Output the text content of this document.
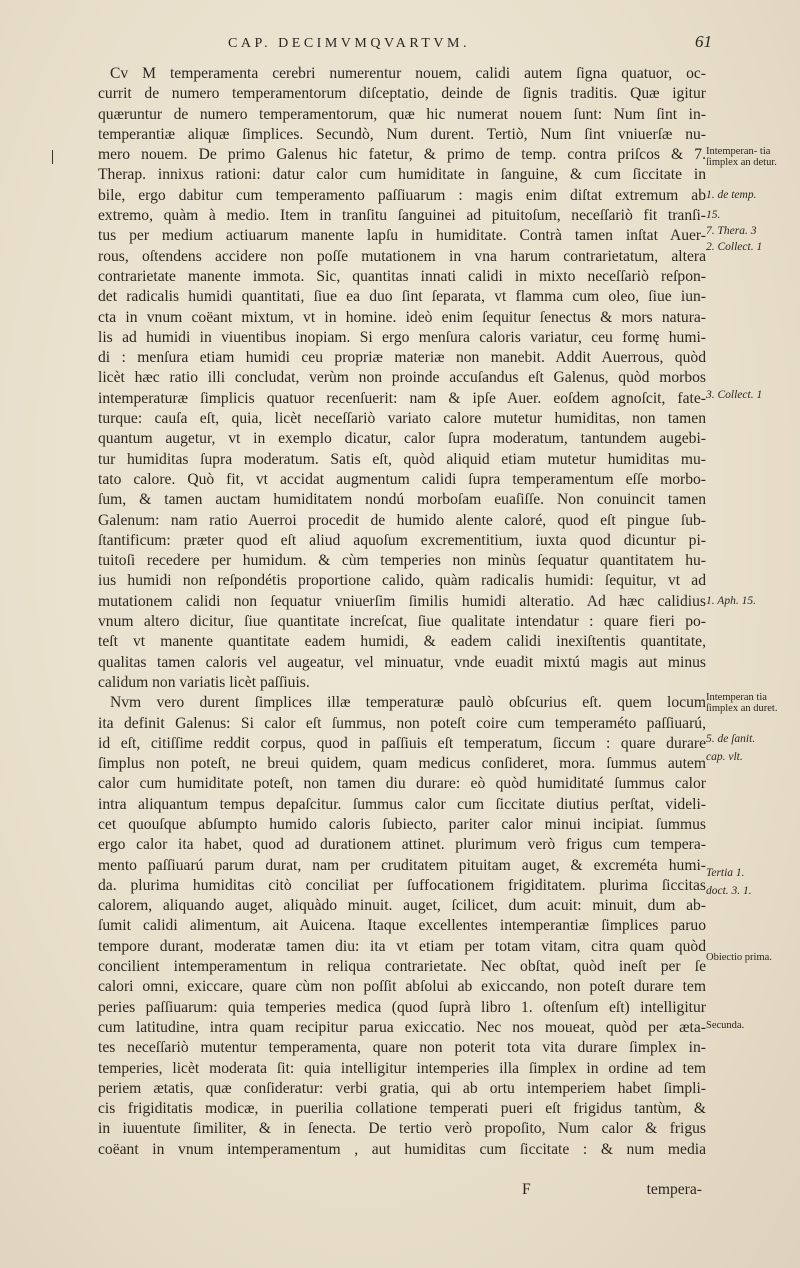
CAP. DECIMVMQVARTVM.	61
Cv M temperamenta cerebri numerentur nouem, calidi autem ſigna quatuor, oc-
currit de numero temperamentorum diſceptatio, deinde de ſignis traditis. Quæ igitur
quæruntur de numero temperamentorum, quæ hic numerat nouem ſunt: Num ſint in-
temperantiæ aliquæ ſimplices. Secundò, Num durent. Tertiò, Num ſint vniuerſæ nu-
mero nouem. De primo Galenus hic fatetur, & primo de temp. contra priſcos & 7.
Therap. innixus rationi: datur calor cum humiditate in ſanguine, & cum ſiccitate in
bile, ergo dabitur cum temperamento paſſiuarum : magis enim diſtat extremum ab
extremo, quàm à medio. Item in tranſitu ſanguinei ad pituitoſum, neceſſariò fit tranſi-
tus per medium actiuarum manente lapſu in humiditate. Contrà tamen inſtat Auer-
rous, oſtendens accidere non poſſe mutationem in vna harum contrarietatum, altera
contrarietate manente immota. Sic, quantitas innati calidi in mixto neceſſariò reſpon-
det radicalis humidi quantitati, ſiue ea duo ſint ſeparata, vt flamma cum oleo, ſiue iun-
cta in vnum coëant mixtum, vt in homine. ideò enim ſequitur ſenectus & mors natura-
lis ad humidi in viuentibus inopiam. Si ergo menſura caloris variatur, ceu formę humi-
di : menſura etiam humidi ceu propriæ materiæ non manebit. Addit Auerrous, quòd
licèt hæc ratio illi concludat, verùm non proinde accuſandus eſt Galenus, quòd morbos
intemperaturæ ſimplicis quatuor recenſuerit: nam & ipſe Auer. eoſdem agnoſcit, fate-
turque: cauſa eſt, quia, licèt neceſſariò variato calore mutetur humiditas, non tamen
quantum augetur, vt in exemplo dicatur, calor ſupra moderatum, tantundem augebi-
tur humiditas ſupra moderatum. Satis eſt, quòd aliquid etiam mutetur humiditas mu-
tato calore. Quò fit, vt accidat augmentum calidi ſupra temperamentum eſſe morbo-
ſum, & tamen auctam humiditatem nondú morboſam euaſiſſe. Non conuincit tamen
Galenum: nam ratio Auerroi procedit de humido alente caloré, quod eſt pingue ſub-
ſtantificum: præter quod eſt aliud aquoſum excrementitium, iuxta quod dicuntur pi-
tuitoſi recedere per humidum. & cùm temperies non minùs ſequatur quantitatem hu-
ius humidi non reſpondétis proportione calido, quàm radicalis humidi: ſequitur, vt ad
mutationem calidi non ſequatur vniuerſim ſimilis humidi alteratio. Ad hæc calidius
vnum altero dicitur, ſiue quantitate increſcat, ſiue qualitate intendatur : quare fieri po-
teſt vt manente quantitate eadem humidi, & eadem calidi inexiſtentis quantitate,
qualitas tamen caloris vel augeatur, vel minuatur, vnde euadit mixtú magis aut minus
calidum non variatis licèt paſſiuis.
Nvm vero durent ſimplices illæ temperaturæ paulò obſcurius eſt. quem locum
ita definit Galenus: Si calor eſt ſummus, non poteſt coire cum temperaméto paſſiuarú,
id eſt, citiſſime reddit corpus, quod in paſſiuis eſt temperatum, ſiccum : quare durare
ſimplus non poteſt, ne breui quidem, quam medicus conſideret, mora. ſummus autem
calor cum humiditate poteſt, non tamen diu durare: eò quòd humiditaté ſummus calor
intra aliquantum tempus depaſcitur. ſummus calor cum ſiccitate diutius perſtat, videli-
cet quouſque abſumpto humido caloris ſubiecto, pariter calor minui incipiat. ſummus
ergo calor ita habet, quod ad durationem attinet. plurimum verò frigus cum tempera-
mento paſſiuarú parum durat, nam per cruditatem pituitam auget, & excreméta humi-
da. plurima humiditas citò conciliat per ſuffocationem frigiditatem. plurima ſiccitas
calorem, aliquando auget, aliquàdo minuit. auget, ſcilicet, dum acuit: minuit, dum ab-
ſumit calidi alimentum, ait Auicena. Itaque excellentes intemperantiæ ſimplices paruo
tempore durant, moderatæ tamen diu: ita vt etiam per totam vitam, citra quam quòd
concilient intemperamentum in reliqua contrarietate. Nec obſtat, quòd ineſt per ſe
calori omni, exiccare, quare cùm non poſſit abſolui ab exiccando, non poteſt durare tem
peries paſſiuarum: quia temperies medica (quod ſuprà libro 1. oſtenſum eſt) intelligitur
cum latitudine, intra quam recipitur parua exiccatio. Nec nos moueat, quòd per æta-
tes neceſſariò mutentur temperamenta, quare non poterit tota vita durare ſimplex in-
temperies, licèt moderata ſit: quia intelligitur intemperies illa ſimplex in ordine ad tem
periem ætatis, quæ conſideratur: verbi gratia, qui ab ortu intemperiem habet ſimpli-
cis frigiditatis modicæ, in puerilia collatione temperati pueri eſt frigidus tantùm, &
in iuuentute ſimiliter, & in ſenecta. De tertio verò propoſito, Num calor & frigus
coëant in vnum intemperamentum , aut humiditas cum ſiccitate : & num media
F	tempera-
Intemperan- tia ſimplex an detur.
1. de temp.
15.
7. Thera. 3
2. Collect. 1
3. Collect. 1
1. Aph. 15.
Intemperan tia ſimplex an duret.
5. de ſanit.
cap. vlt.
Tertia 1.
doct. 3. 1.
Obiectio prima.
Secunda.
